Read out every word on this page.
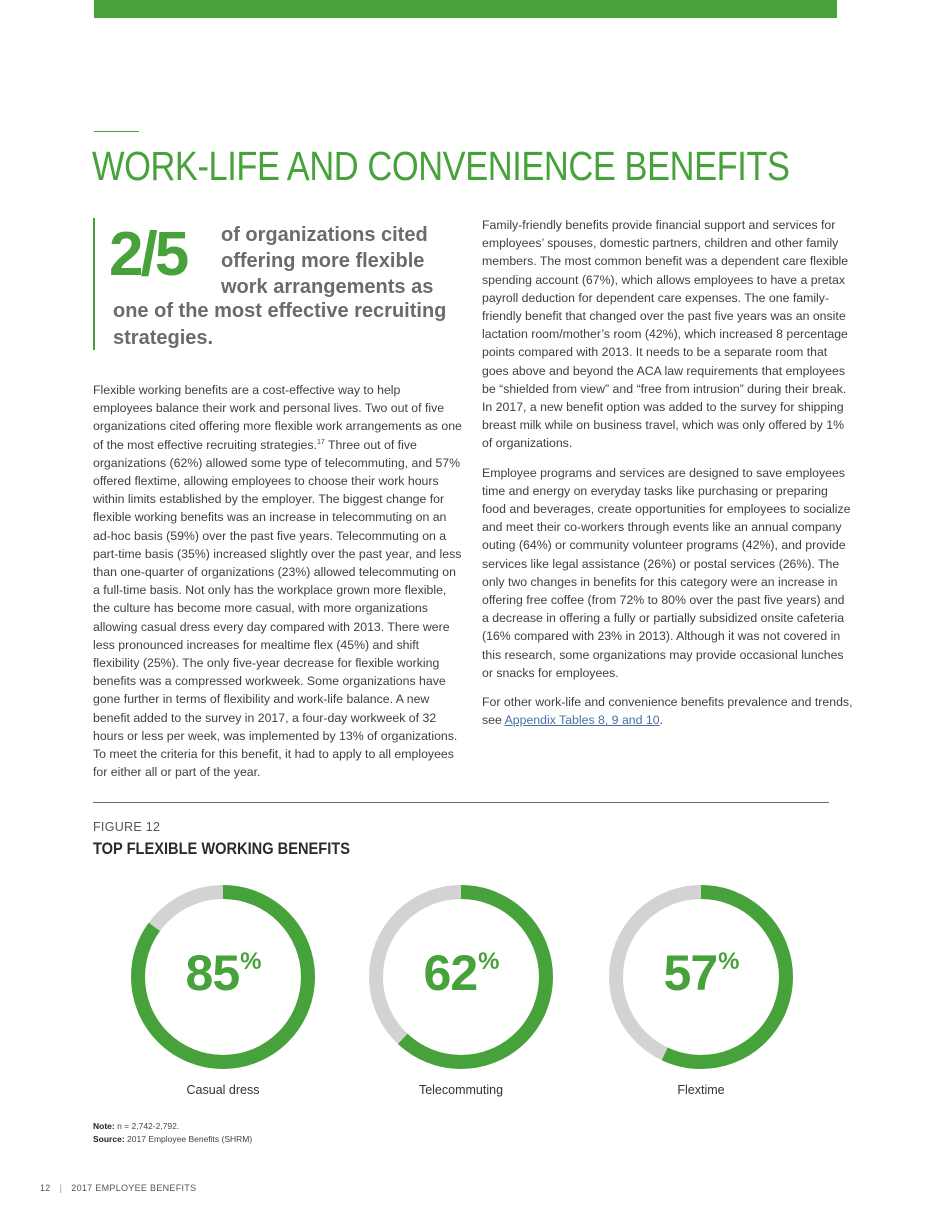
WORK-LIFE AND CONVENIENCE BENEFITS
2/5 of organizations cited offering more flexible work arrangements as
one of the most effective recruiting strategies.

Flexible working benefits are a cost-effective way to help employees balance their work and personal lives. Two out of five organizations cited offering more flexible work arrangements as one of the most effective recruiting strategies.$^{17}$ Three out of five organizations (62%) allowed some type of telecommuting, and 57% offered flextime, allowing employees to choose their work hours within limits established by the employer. The biggest change for flexible working benefits was an increase in telecommuting on an ad-hoc basis (59%) over the past five years. Telecommuting on a part-time basis (35%) increased slightly over the past year, and less than one-quarter of organizations (23%) allowed telecommuting on a full-time basis. Not only has the workplace grown more flexible, the culture has become more casual, with more organizations allowing casual dress every day compared with 2013. There were less pronounced increases for mealtime flex (45%) and shift flexibility (25%). The only five-year decrease for flexible working benefits was a compressed workweek. Some organizations have gone further in terms of flexibility and work-life balance. A new benefit added to the survey in 2017, a four-day workweek of 32 hours or less per week, was implemented by 13% of organizations. To meet the criteria for this benefit, it had to apply to all employees for either all or part of the year.

Family-friendly benefits provide financial support and services for employees’ spouses, domestic partners, children and other family members. The most common benefit was a dependent care flexible spending account (67%), which allows employees to have a pretax payroll deduction for dependent care expenses. The one family-friendly benefit that changed over the past five years was an onsite lactation room/mother’s room (42%), which increased 8 percentage points compared with 2013. It needs to be a separate room that goes above and beyond the ACA law requirements that employees be “shielded from view” and “free from intrusion” during their break. In 2017, a new benefit option was added to the survey for shipping breast milk while on business travel, which was only offered by 1% of organizations.

Employee programs and services are designed to save employees time and energy on everyday tasks like purchasing or preparing food and beverages, create opportunities for employees to socialize and meet their co-workers through events like an annual company outing (64%) or community volunteer programs (42%), and provide services like legal assistance (26%) or postal services (26%). The only two changes in benefits for this category were an increase in offering free coffee (from 72% to 80% over the past five years) and a decrease in offering a fully or partially subsidized onsite cafeteria (16% compared with 23% in 2013). Although it was not covered in this research, some organizations may provide occasional lunches or snacks for employees.

For other work-life and convenience benefits prevalence and trends, see Appendix Tables 8, 9 and 10.

FIGURE 12
TOP FLEXIBLE WORKING BENEFITS
85%
Casual dress
62%
Telecommuting
57%
Flextime
Note: n = 2,742-2,792.
Source: 2017 Employee Benefits (SHRM)
12 | 2017 EMPLOYEE BENEFITS
